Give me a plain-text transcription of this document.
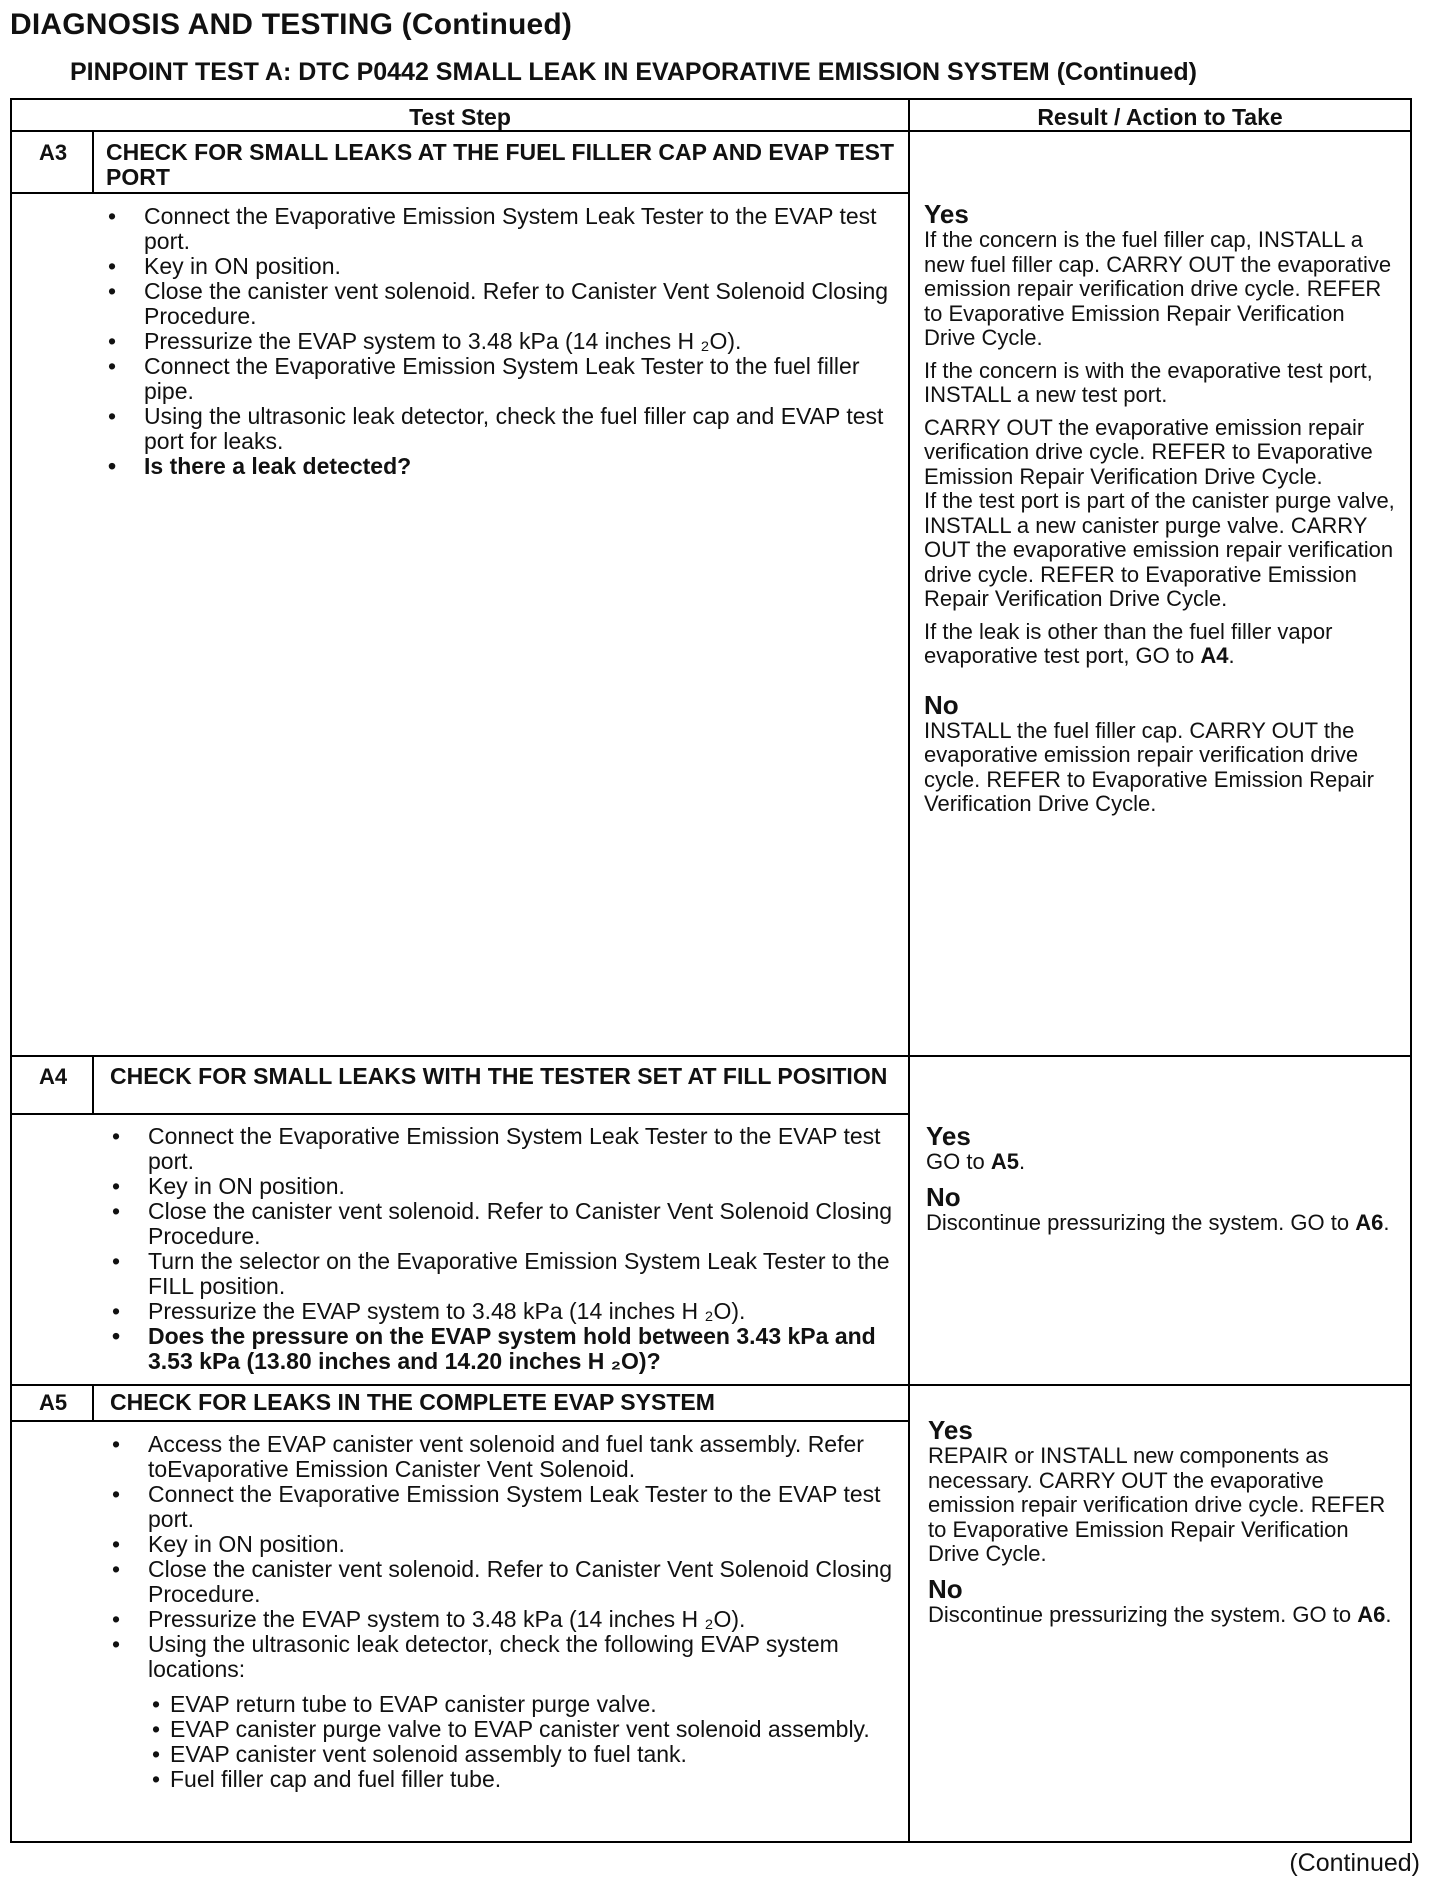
DIAGNOSIS AND TESTING (Continued)
PINPOINT TEST A: DTC P0442 SMALL LEAK IN EVAPORATIVE EMISSION SYSTEM (Continued)
Test Step	Result / Action to Take
A3	CHECK FOR SMALL LEAKS AT THE FUEL FILLER CAP AND EVAP TEST PORT
• Connect the Evaporative Emission System Leak Tester to the EVAP test port.
• Key in ON position.
• Close the canister vent solenoid. Refer to Canister Vent Solenoid Closing Procedure.
• Pressurize the EVAP system to 3.48 kPa (14 inches H ₂O).
• Connect the Evaporative Emission System Leak Tester to the fuel filler pipe.
• Using the ultrasonic leak detector, check the fuel filler cap and EVAP test port for leaks.
• Is there a leak detected?
Yes

If the concern is the fuel filler cap, INSTALL a new fuel filler cap. CARRY OUT the evaporative emission repair verification drive cycle. REFER to Evaporative Emission Repair Verification Drive Cycle.

If the concern is with the evaporative test port, INSTALL a new test port.

CARRY OUT the evaporative emission repair verification drive cycle. REFER to Evaporative Emission Repair Verification Drive Cycle.

If the test port is part of the canister purge valve, INSTALL a new canister purge valve. CARRY OUT the evaporative emission repair verification drive cycle. REFER to Evaporative Emission Repair Verification Drive Cycle.

If the leak is other than the fuel filler vapor evaporative test port, GO to A4.

No

INSTALL the fuel filler cap. CARRY OUT the evaporative emission repair verification drive cycle. REFER to Evaporative Emission Repair Verification Drive Cycle.

A4	CHECK FOR SMALL LEAKS WITH THE TESTER SET AT FILL POSITION
• Connect the Evaporative Emission System Leak Tester to the EVAP test port.
• Key in ON position.
• Close the canister vent solenoid. Refer to Canister Vent Solenoid Closing Procedure.
• Turn the selector on the Evaporative Emission System Leak Tester to the FILL position.
• Pressurize the EVAP system to 3.48 kPa (14 inches H ₂O).
• Does the pressure on the EVAP system hold between 3.43 kPa and 3.53 kPa (13.80 inches and 14.20 inches H ₂O)?
Yes

GO to A5.

No

Discontinue pressurizing the system. GO to A6.

A5	CHECK FOR LEAKS IN THE COMPLETE EVAP SYSTEM
• Access the EVAP canister vent solenoid and fuel tank assembly. Refer toEvaporative Emission Canister Vent Solenoid.
• Connect the Evaporative Emission System Leak Tester to the EVAP test port.
• Key in ON position.
• Close the canister vent solenoid. Refer to Canister Vent Solenoid Closing Procedure.
• Pressurize the EVAP system to 3.48 kPa (14 inches H ₂O).
• Using the ultrasonic leak detector, check the following EVAP system locations:
• EVAP return tube to EVAP canister purge valve.
• EVAP canister purge valve to EVAP canister vent solenoid assembly.
• EVAP canister vent solenoid assembly to fuel tank.
• Fuel filler cap and fuel filler tube.
Yes

REPAIR or INSTALL new components as necessary. CARRY OUT the evaporative emission repair verification drive cycle. REFER to Evaporative Emission Repair Verification Drive Cycle.

No

Discontinue pressurizing the system. GO to A6.

(Continued)
